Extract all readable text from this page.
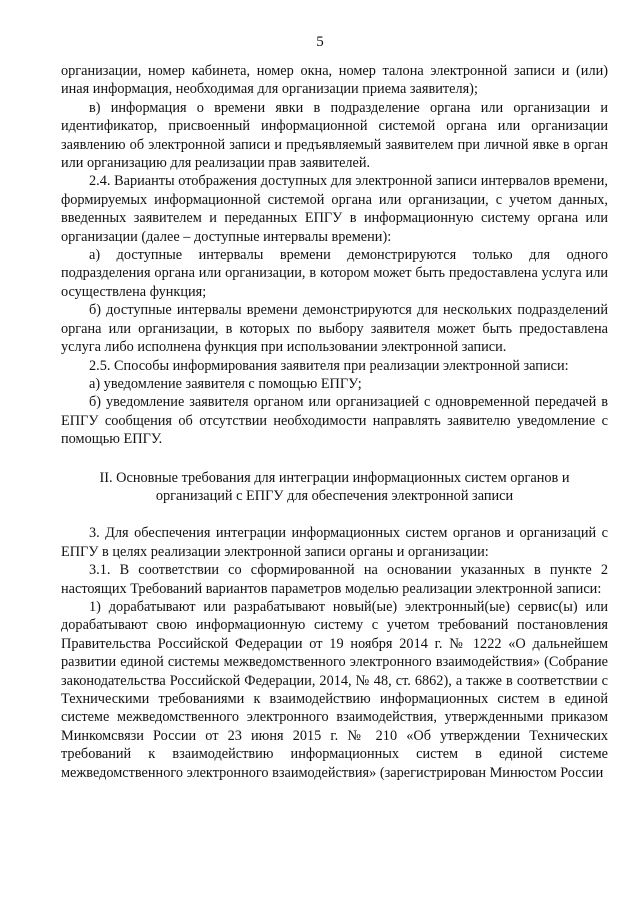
5

организации, номер кабинета, номер окна, номер талона электронной записи и (или) иная информация, необходимая для организации приема заявителя);

в) информация о времени явки в подразделение органа или организации и идентификатор, присвоенный информационной системой органа или организации заявлению об электронной записи и предъявляемый заявителем при личной явке в орган или организацию для реализации прав заявителей.

2.4. Варианты отображения доступных для электронной записи интервалов времени, формируемых информационной системой органа или организации, с учетом данных, введенных заявителем и переданных ЕПГУ в информационную систему органа или организации (далее – доступные интервалы времени):

а) доступные интервалы времени демонстрируются только для одного подразделения органа или организации, в котором может быть предоставлена услуга или осуществлена функция;

б) доступные интервалы времени демонстрируются для нескольких подразделений органа или организации, в которых по выбору заявителя может быть предоставлена услуга либо исполнена функция при использовании электронной записи.

2.5. Способы информирования заявителя при реализации электронной записи:

а) уведомление заявителя с помощью ЕПГУ;

б) уведомление заявителя органом или организацией с одновременной передачей в ЕПГУ сообщения об отсутствии необходимости направлять заявителю уведомление с помощью ЕПГУ.

II. Основные требования для интеграции информационных систем органов и организаций с ЕПГУ для обеспечения электронной записи

3. Для обеспечения интеграции информационных систем органов и организаций с ЕПГУ в целях реализации электронной записи органы и организации:

3.1. В соответствии со сформированной на основании указанных в пункте 2 настоящих Требований вариантов параметров моделью реализации электронной записи:

1) дорабатывают или разрабатывают новый(ые) электронный(ые) сервис(ы) или дорабатывают свою информационную систему с учетом требований постановления Правительства Российской Федерации от 19 ноября 2014 г. № 1222 «О дальнейшем развитии единой системы межведомственного электронного взаимодействия» (Собрание законодательства Российской Федерации, 2014, № 48, ст. 6862), а также в соответствии с Техническими требованиями к взаимодействию информационных систем в единой системе межведомственного электронного взаимодействия, утвержденными приказом Минкомсвязи России от 23 июня 2015 г. № 210 «Об утверждении Технических требований к взаимодействию информационных систем в единой системе межведомственного электронного взаимодействия» (зарегистрирован Минюстом России
